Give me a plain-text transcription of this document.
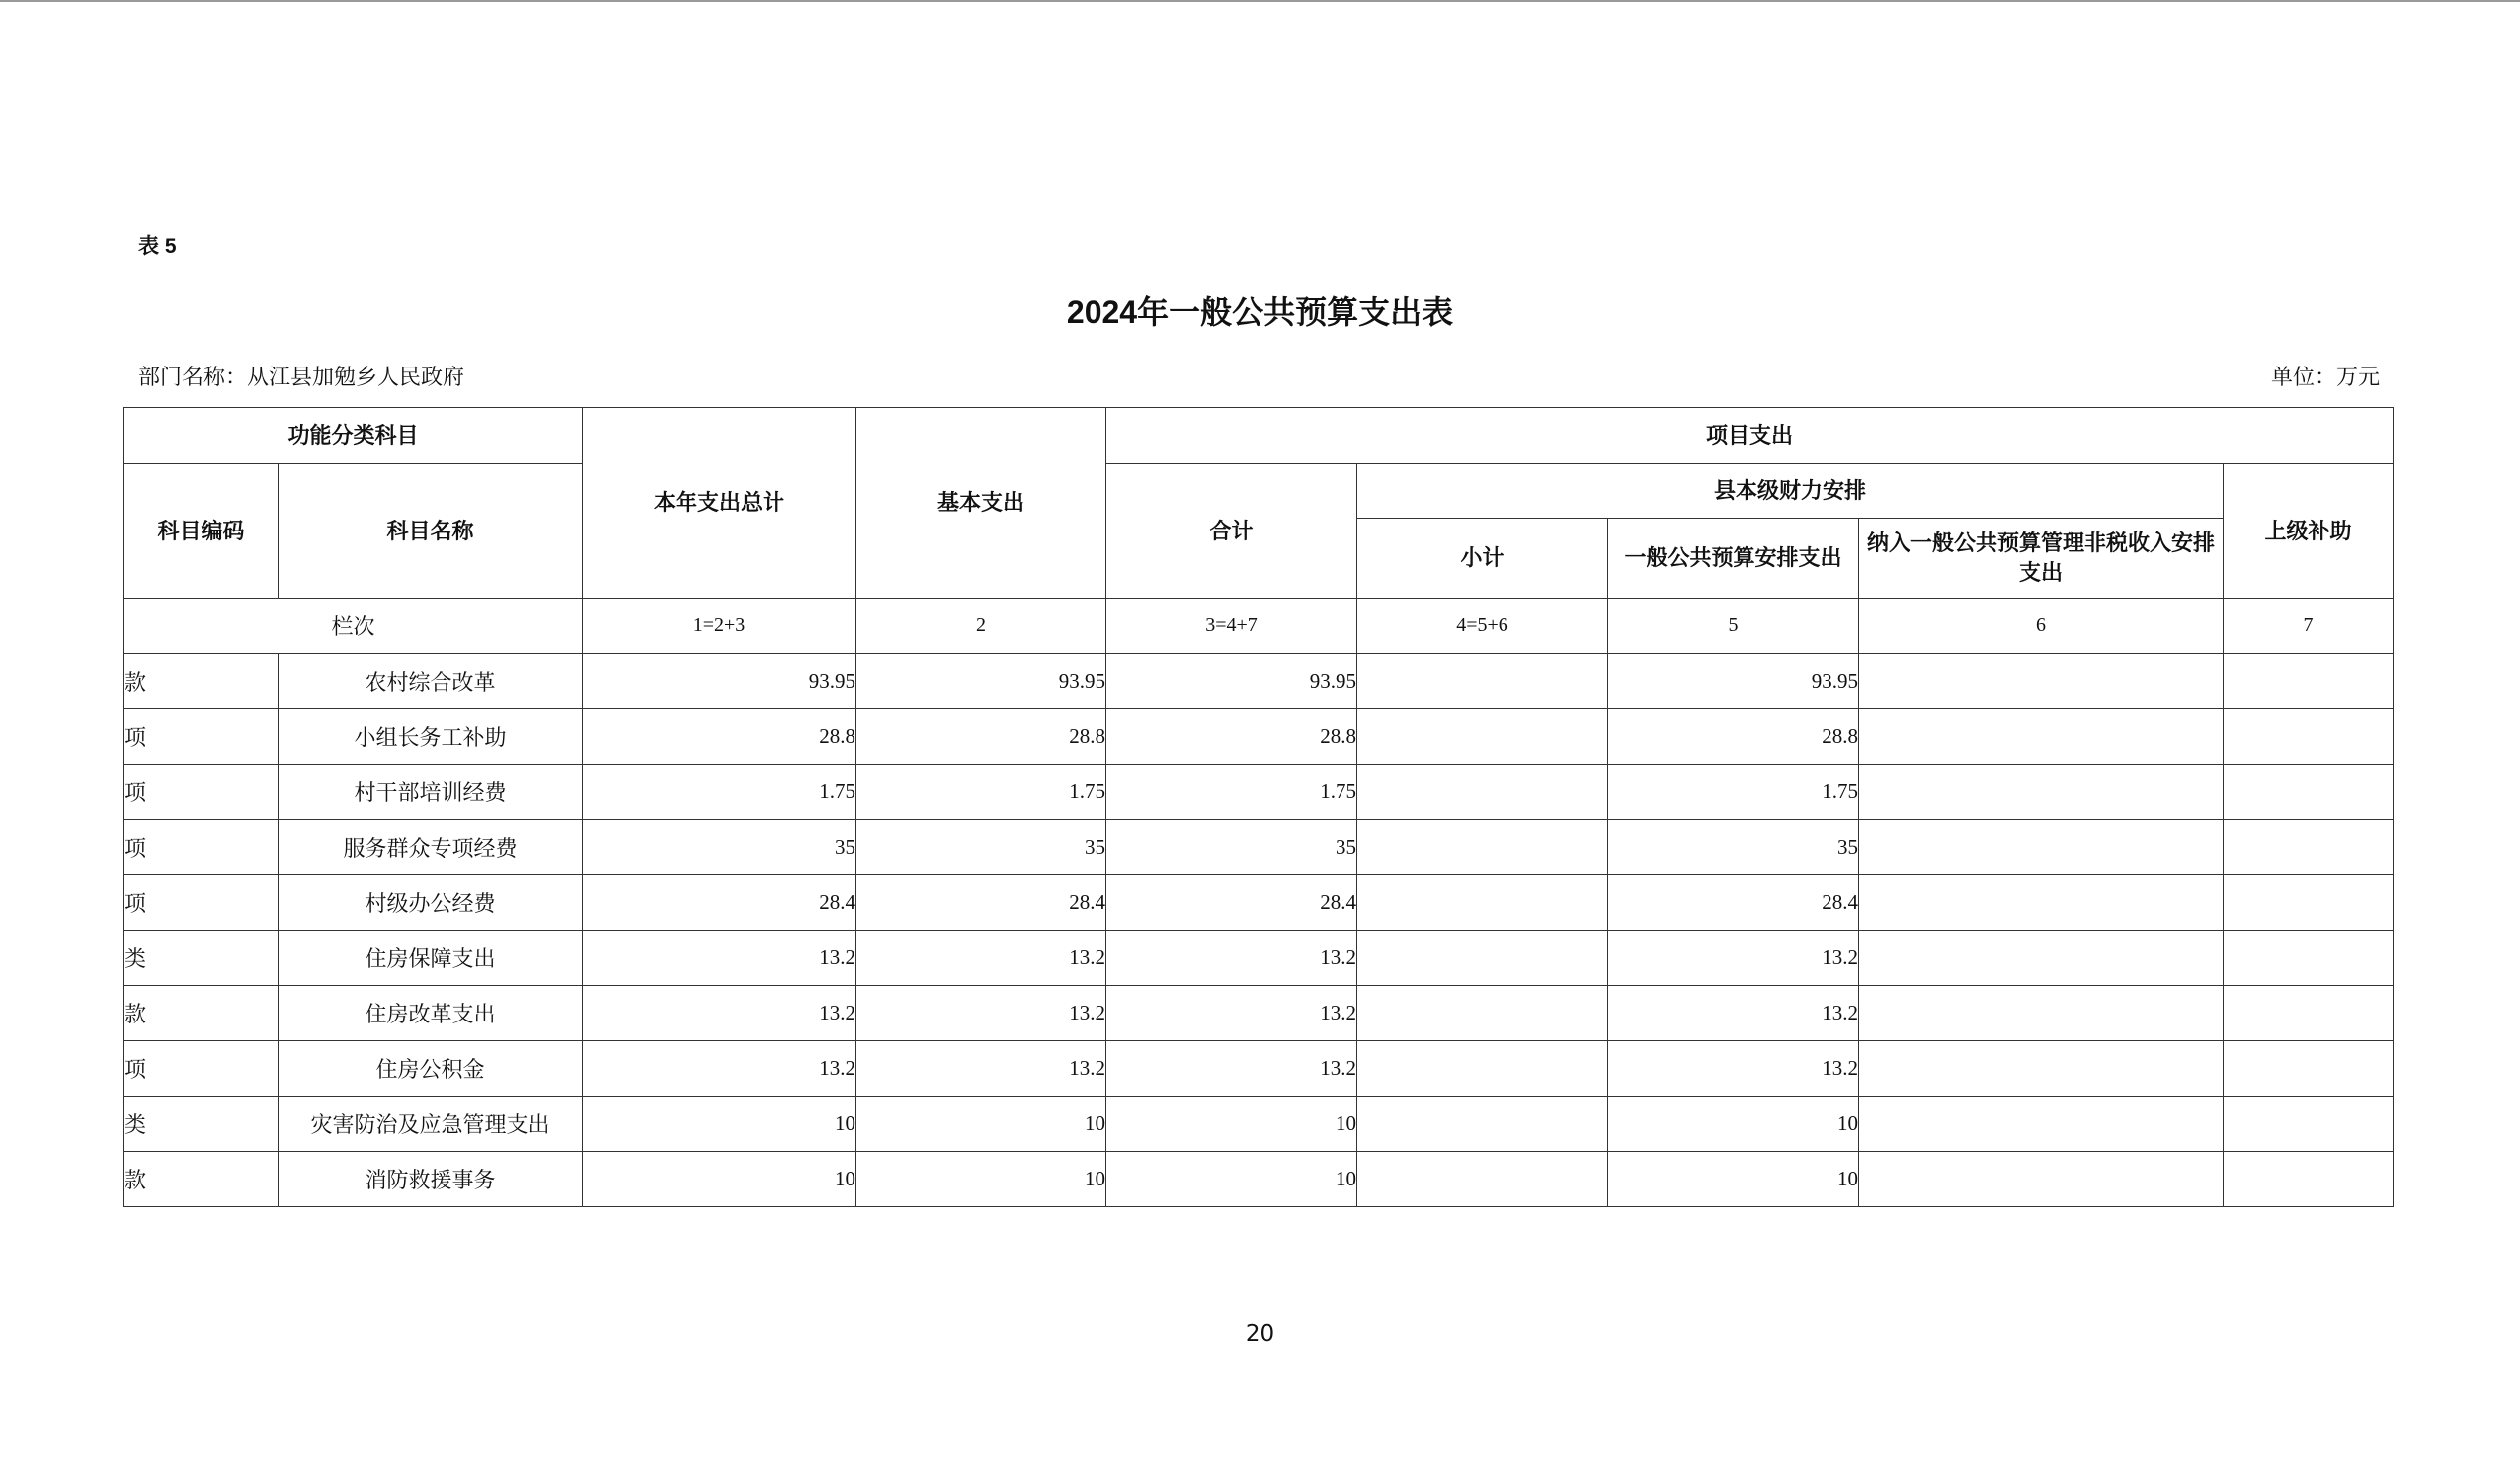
表 5
2024年一般公共预算支出表
部门名称：从江县加勉乡人民政府	单位：万元
功能分类科目		本年支出总计	基本支出	项目支出				
科目编码	科目名称			合计	县本级财力安排			上级补助
					小计	一般公共预算安排支出	纳入一般公共预算管理非税收入安排支出	
栏次		1=2+3	2	3=4+7	4=5+6	5	6	7
款	农村综合改革	93.95	93.95	93.95		93.95		
项	小组长务工补助	28.8	28.8	28.8		28.8		
项	村干部培训经费	1.75	1.75	1.75		1.75		
项	服务群众专项经费	35	35	35		35		
项	村级办公经费	28.4	28.4	28.4		28.4		
类	住房保障支出	13.2	13.2	13.2		13.2		
款	住房改革支出	13.2	13.2	13.2		13.2		
项	住房公积金	13.2	13.2	13.2		13.2		
类	灾害防治及应急管理支出	10	10	10		10		
款	消防救援事务	10	10	10		10		
20
